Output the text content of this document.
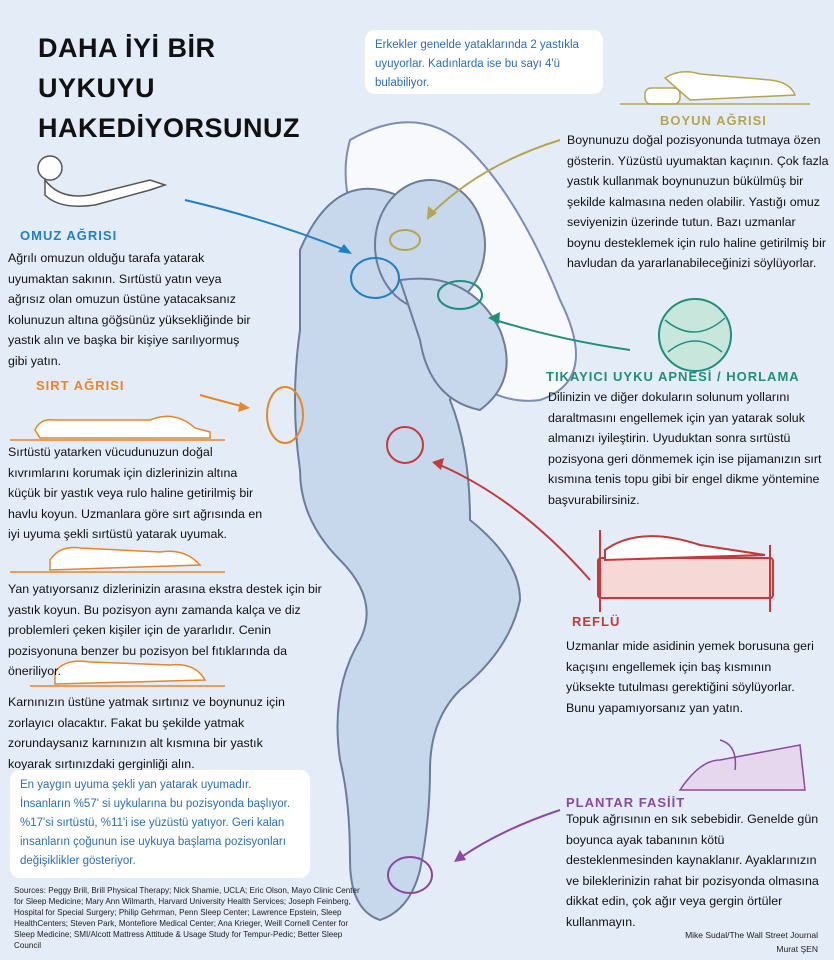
DAHA İYİ BİR
UYKUYU
HAKEDİYORSUNUZ
Erkekler genelde yataklarında 2 yastıkla uyuyorlar. Kadınlarda ise bu sayı 4'ü bulabiliyor.
OMUZ AĞRISI
Ağrılı omuzun olduğu tarafa yatarak uyumaktan sakının. Sırtüstü yatın veya ağrısız olan omuzun üstüne yatacaksanız kolunuzun altına göğsünüz yüksekliğinde bir yastık alın ve başka bir kişiye sarılıyormuş gibi yatın.
SIRT AĞRISI
Sırtüstü yatarken vücudunuzun doğal kıvrımlarını korumak için dizlerinizin altına küçük bir yastık veya rulo haline getirilmiş bir havlu koyun. Uzmanlara göre sırt ağrısında en iyi uyuma şekli sırtüstü yatarak uyumak.
Yan yatıyorsanız dizlerinizin arasına ekstra destek için bir yastık koyun. Bu pozisyon aynı zamanda kalça ve diz problemleri çeken kişiler için de yararlıdır. Cenin pozisyonuna benzer bu pozisyon bel fıtıklarında da öneriliyor.
Karnınızın üstüne yatmak sırtınız ve boynunuz için zorlayıcı olacaktır. Fakat bu şekilde yatmak zorundaysanız karnınızın alt kısmına bir yastık koyarak sırtınızdaki gerginliği alın.
En yaygın uyuma şekli yan yatarak uyumadır. İnsanların %57' si uykularına bu pozisyonda başlıyor. %17'si sırtüstü, %11'i ise yüzüstü yatıyor. Geri kalan insanların çoğunun ise uykuya başlama pozisyonları değişiklikler gösteriyor.
Sources: Peggy Brill, Brill Physical Therapy; Nick Shamie, UCLA; Eric Olson, Mayo Clinic Center for Sleep Medicine; Mary Ann Wilmarth, Harvard University Health Services; Joseph Feinberg, Hospital for Special Surgery; Philip Gehrman, Penn Sleep Center; Lawrence Epstein, Sleep HealthCenters; Steven Park, Montefiore Medical Center; Ana Krieger, Weill Cornell Center for Sleep Medicine; SMI/Alcott Mattress Attitude & Usage Study for Tempur-Pedic; Better Sleep Council
BOYUN AĞRISI
Boynunuzu doğal pozisyonunda tutmaya özen gösterin. Yüzüstü uyumaktan kaçının. Çok fazla yastık kullanmak boynunuzun bükülmüş bir şekilde kalmasına neden olabilir. Yastığı omuz seviyenizin üzerinde tutun. Bazı uzmanlar boynu desteklemek için rulo haline getirilmiş bir havludan da yararlanabileceğinizi söylüyorlar.
TIKAYICI UYKU APNESİ / HORLAMA
Dilinizin ve diğer dokuların solunum yollarını daraltmasını engellemek için yan yatarak soluk almanızı iyileştirin. Uyuduktan sonra sırtüstü pozisyona geri dönmemek için ise pijamanızın sırt kısmına tenis topu gibi bir engel dikme yöntemine başvurabilirsiniz.
REFLÜ
Uzmanlar mide asidinin yemek borusuna geri kaçışını engellemek için baş kısmının yüksekte tutulması gerektiğini söylüyorlar. Bunu yapamıyorsanız yan yatın.
PLANTAR FASİİT
Topuk ağrısının en sık sebebidir. Genelde gün boyunca ayak tabanının kötü desteklenmesinden kaynaklanır. Ayaklarınızın ve bileklerinizin rahat bir pozisyonda olmasına dikkat edin, çok ağır veya gergin örtüler kullanmayın.
Mike Sudal/The Wall Street Journal
Murat ŞEN
